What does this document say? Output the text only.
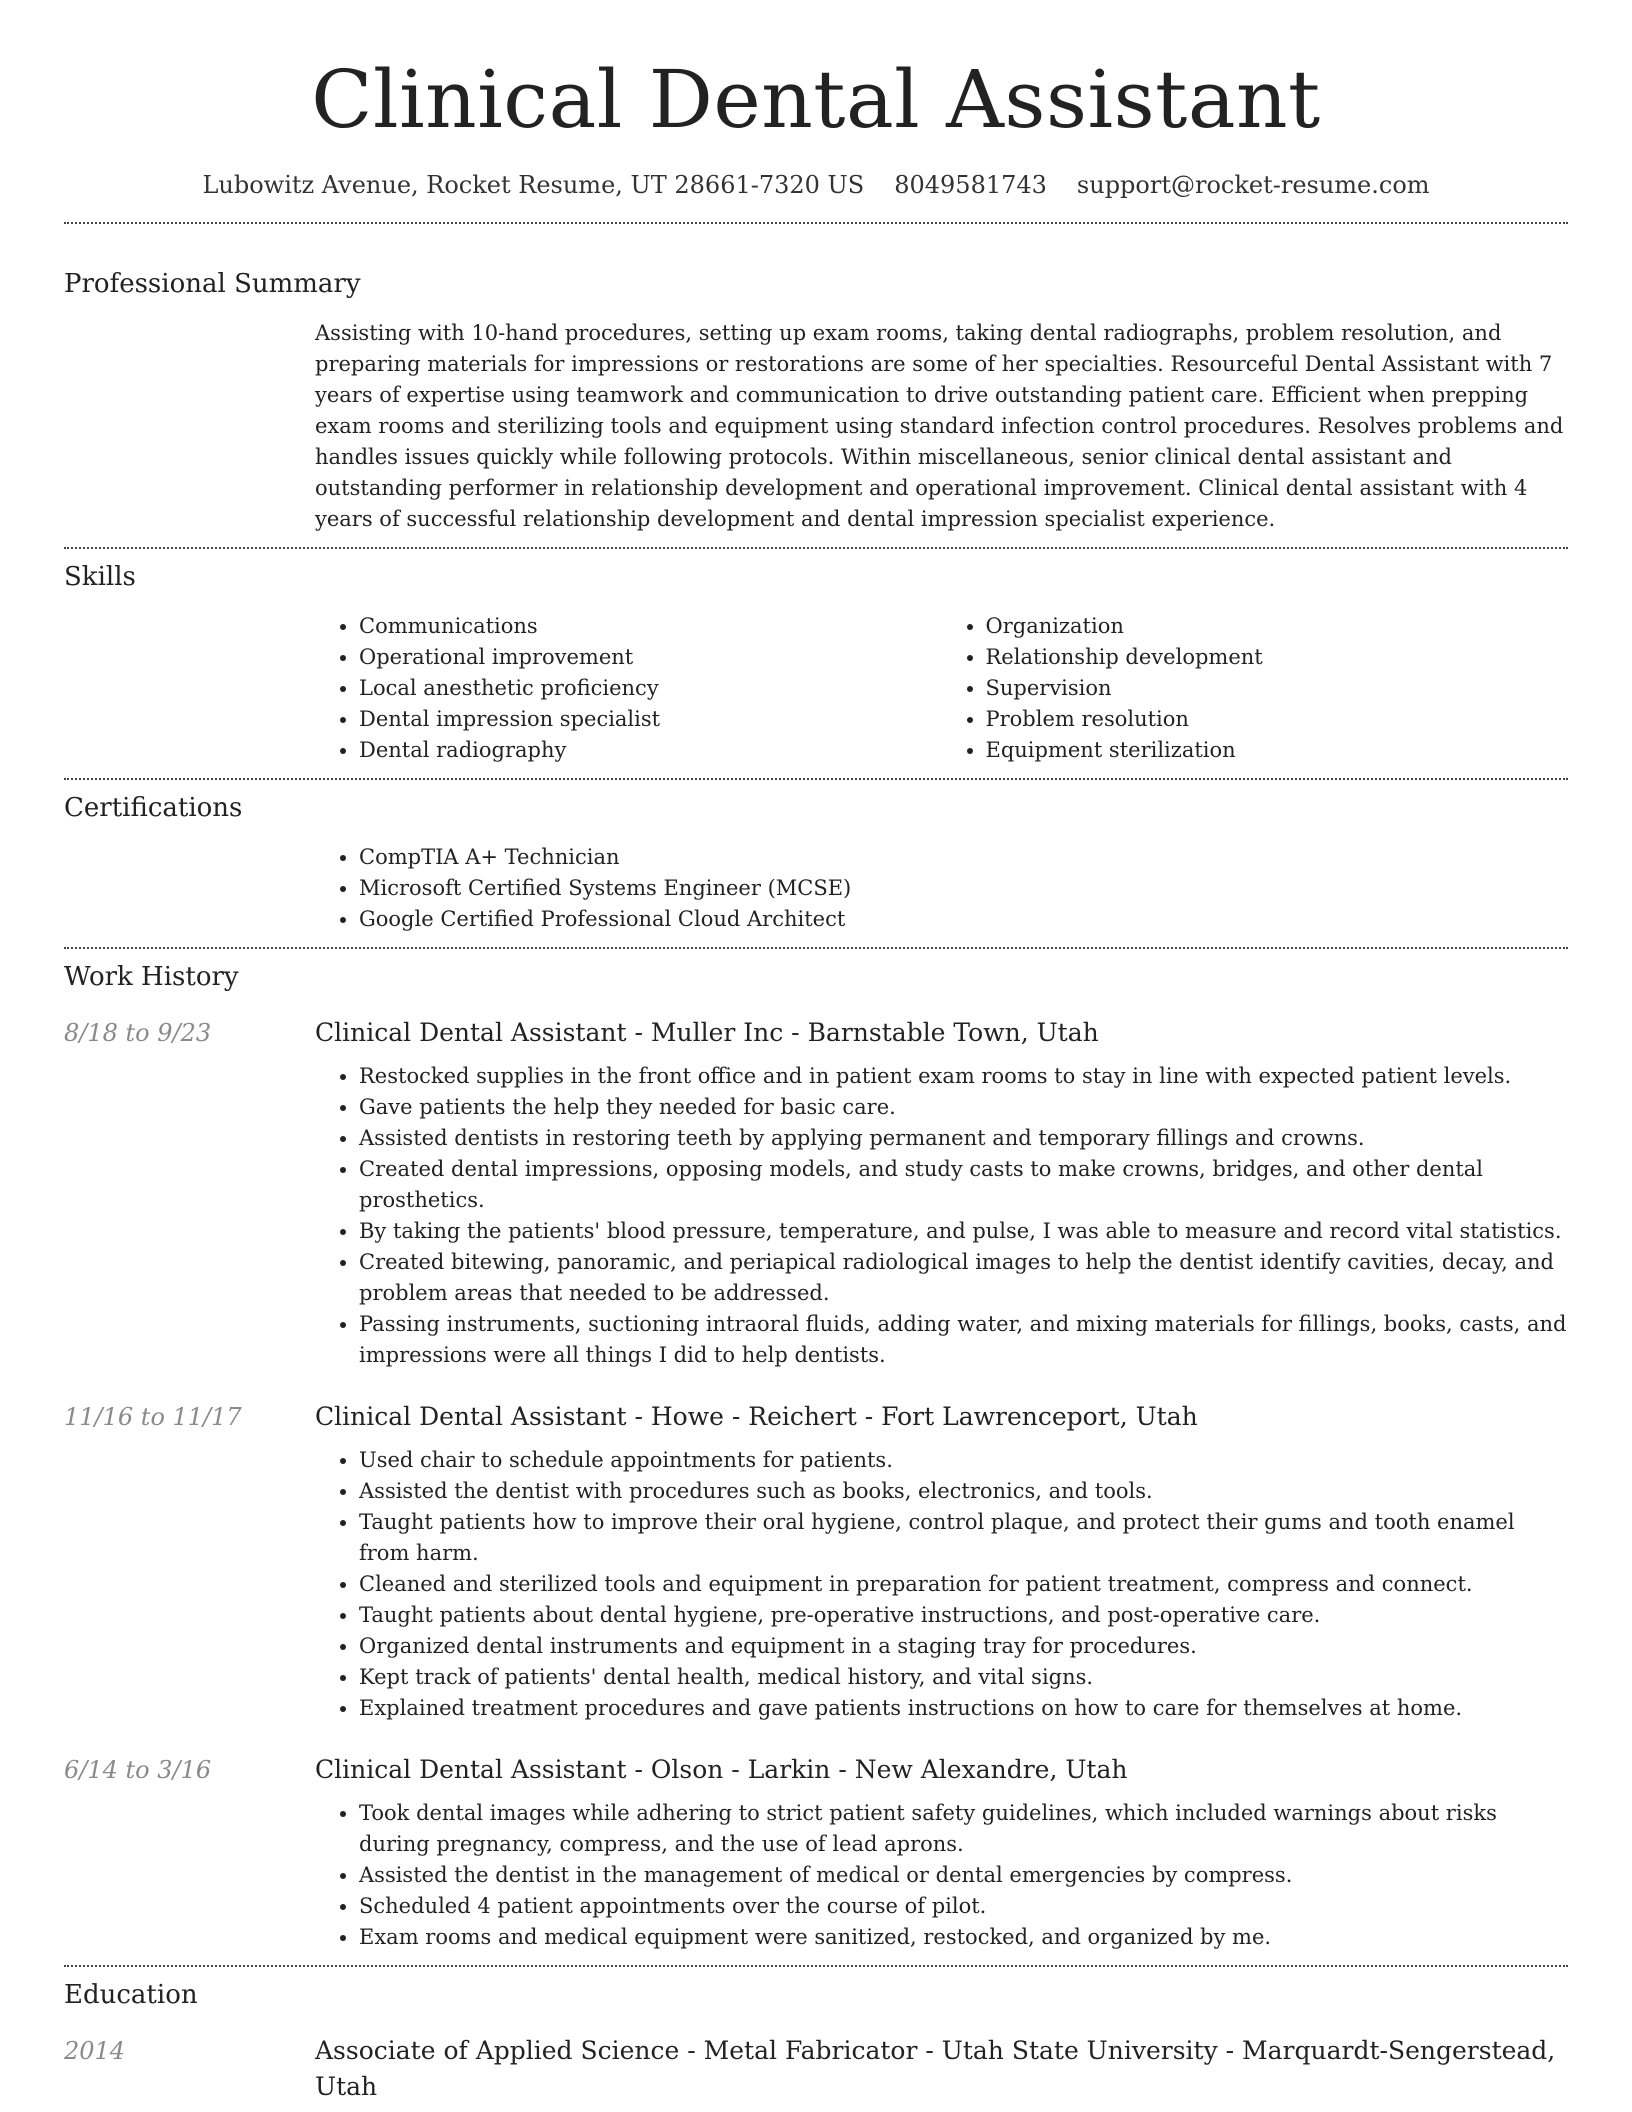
Clinical Dental Assistant
Lubowitz Avenue, Rocket Resume, UT 28661-7320 US 8049581743 support@rocket-resume.com
Professional Summary

Assisting with 10-hand procedures, setting up exam rooms, taking dental radiographs, problem resolution, and preparing materials for impressions or restorations are some of her specialties. Resourceful Dental Assistant with 7 years of expertise using teamwork and communication to drive outstanding patient care. Efficient when prepping exam rooms and sterilizing tools and equipment using standard infection control procedures. Resolves problems and handles issues quickly while following protocols. Within miscellaneous, senior clinical dental assistant and outstanding performer in relationship development and operational improvement. Clinical dental assistant with 4 years of successful relationship development and dental impression specialist experience.

Skills
• Communications
• Operational improvement
• Local anesthetic proficiency
• Dental impression specialist
• Dental radiography
• Organization
• Relationship development
• Supervision
• Problem resolution
• Equipment sterilization
Certifications
• CompTIA A+ Technician
• Microsoft Certified Systems Engineer (MCSE)
• Google Certified Professional Cloud Architect
Work History
8/18 to 9/23	Clinical Dental Assistant - Muller Inc - Barnstable Town, Utah
• Restocked supplies in the front office and in patient exam rooms to stay in line with expected patient levels.
• Gave patients the help they needed for basic care.
• Assisted dentists in restoring teeth by applying permanent and temporary fillings and crowns.
• Created dental impressions, opposing models, and study casts to make crowns, bridges, and other dental prosthetics.
• By taking the patients' blood pressure, temperature, and pulse, I was able to measure and record vital statistics.
• Created bitewing, panoramic, and periapical radiological images to help the dentist identify cavities, decay, and problem areas that needed to be addressed.
• Passing instruments, suctioning intraoral fluids, adding water, and mixing materials for fillings, books, casts, and impressions were all things I did to help dentists.
11/16 to 11/17	Clinical Dental Assistant - Howe - Reichert - Fort Lawrenceport, Utah
• Used chair to schedule appointments for patients.
• Assisted the dentist with procedures such as books, electronics, and tools.
• Taught patients how to improve their oral hygiene, control plaque, and protect their gums and tooth enamel from harm.
• Cleaned and sterilized tools and equipment in preparation for patient treatment, compress and connect.
• Taught patients about dental hygiene, pre-operative instructions, and post-operative care.
• Organized dental instruments and equipment in a staging tray for procedures.
• Kept track of patients' dental health, medical history, and vital signs.
• Explained treatment procedures and gave patients instructions on how to care for themselves at home.
6/14 to 3/16	Clinical Dental Assistant - Olson - Larkin - New Alexandre, Utah
• Took dental images while adhering to strict patient safety guidelines, which included warnings about risks during pregnancy, compress, and the use of lead aprons.
• Assisted the dentist in the management of medical or dental emergencies by compress.
• Scheduled 4 patient appointments over the course of pilot.
• Exam rooms and medical equipment were sanitized, restocked, and organized by me.
Education
2014	Associate of Applied Science - Metal Fabricator - Utah State University - Marquardt-Sengerstead, Utah
